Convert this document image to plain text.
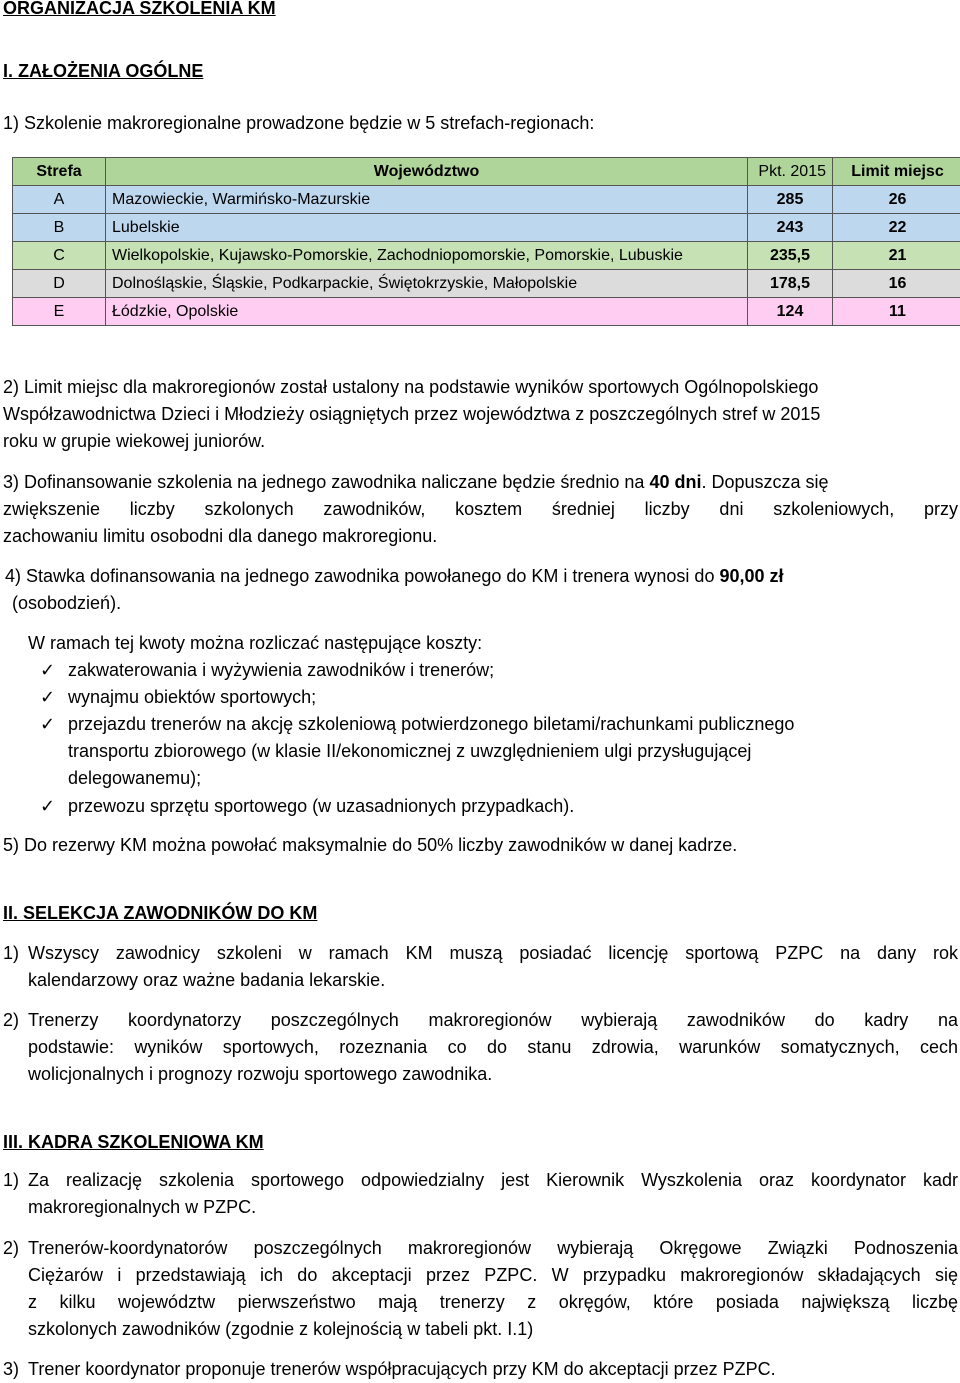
ORGANIZACJA SZKOLENIA KM
I. ZAŁOŻENIA OGÓLNE
1) Szkolenie makroregionalne prowadzone będzie w 5 strefach-regionach:
Strefa	Województwo	Pkt. 2015	Limit miejsc
A	Mazowieckie, Warmińsko-Mazurskie	285	26
B	Lubelskie	243	22
C	Wielkopolskie, Kujawsko-Pomorskie, Zachodniopomorskie, Pomorskie, Lubuskie	235,5	21
D	Dolnośląskie, Śląskie, Podkarpackie, Świętokrzyskie, Małopolskie	178,5	16
E	Łódzkie, Opolskie	124	11
2) Limit miejsc dla makroregionów został ustalony na podstawie wyników sportowych Ogólnopolskiego
Współzawodnictwa Dzieci i Młodzieży osiągniętych przez województwa z poszczególnych stref w 2015
roku w grupie wiekowej juniorów.
3) Dofinansowanie szkolenia na jednego zawodnika naliczane będzie średnio na 40 dni. Dopuszcza się
zwiększenie liczby szkolonych zawodników, kosztem średniej liczby dni szkoleniowych, przy
zachowaniu limitu osobodni dla danego makroregionu.
4) Stawka dofinansowania na jednego zawodnika powołanego do KM i trenera wynosi do 90,00 zł
(osobodzień).
W ramach tej kwoty można rozliczać następujące koszty:
✓ zakwaterowania i wyżywienia zawodników i trenerów;
✓ wynajmu obiektów sportowych;
✓ przejazdu trenerów na akcję szkoleniową potwierdzonego biletami/rachunkami publicznego
transportu zbiorowego (w klasie II/ekonomicznej z uwzględnieniem ulgi przysługującej
delegowanemu);
✓ przewozu sprzętu sportowego (w uzasadnionych przypadkach).
5) Do rezerwy KM można powołać maksymalnie do 50% liczby zawodników w danej kadrze.
II. SELEKCJA ZAWODNIKÓW DO KM
1) Wszyscy zawodnicy szkoleni w ramach KM muszą posiadać licencję sportową PZPC na dany rok
kalendarzowy oraz ważne badania lekarskie.
2) Trenerzy koordynatorzy poszczególnych makroregionów wybierają zawodników do kadry na
podstawie: wyników sportowych, rozeznania co do stanu zdrowia, warunków somatycznych, cech
wolicjonalnych i prognozy rozwoju sportowego zawodnika.
III. KADRA SZKOLENIOWA KM
1) Za realizację szkolenia sportowego odpowiedzialny jest Kierownik Wyszkolenia oraz koordynator kadr
makroregionalnych w PZPC.
2) Trenerów-koordynatorów poszczególnych makroregionów wybierają Okręgowe Związki Podnoszenia
Ciężarów i przedstawiają ich do akceptacji przez PZPC. W przypadku makroregionów składających się
z kilku województw pierwszeństwo mają trenerzy z okręgów, które posiada największą liczbę
szkolonych zawodników (zgodnie z kolejnością w tabeli pkt. I.1)
3) Trener koordynator proponuje trenerów współpracujących przy KM do akceptacji przez PZPC.
